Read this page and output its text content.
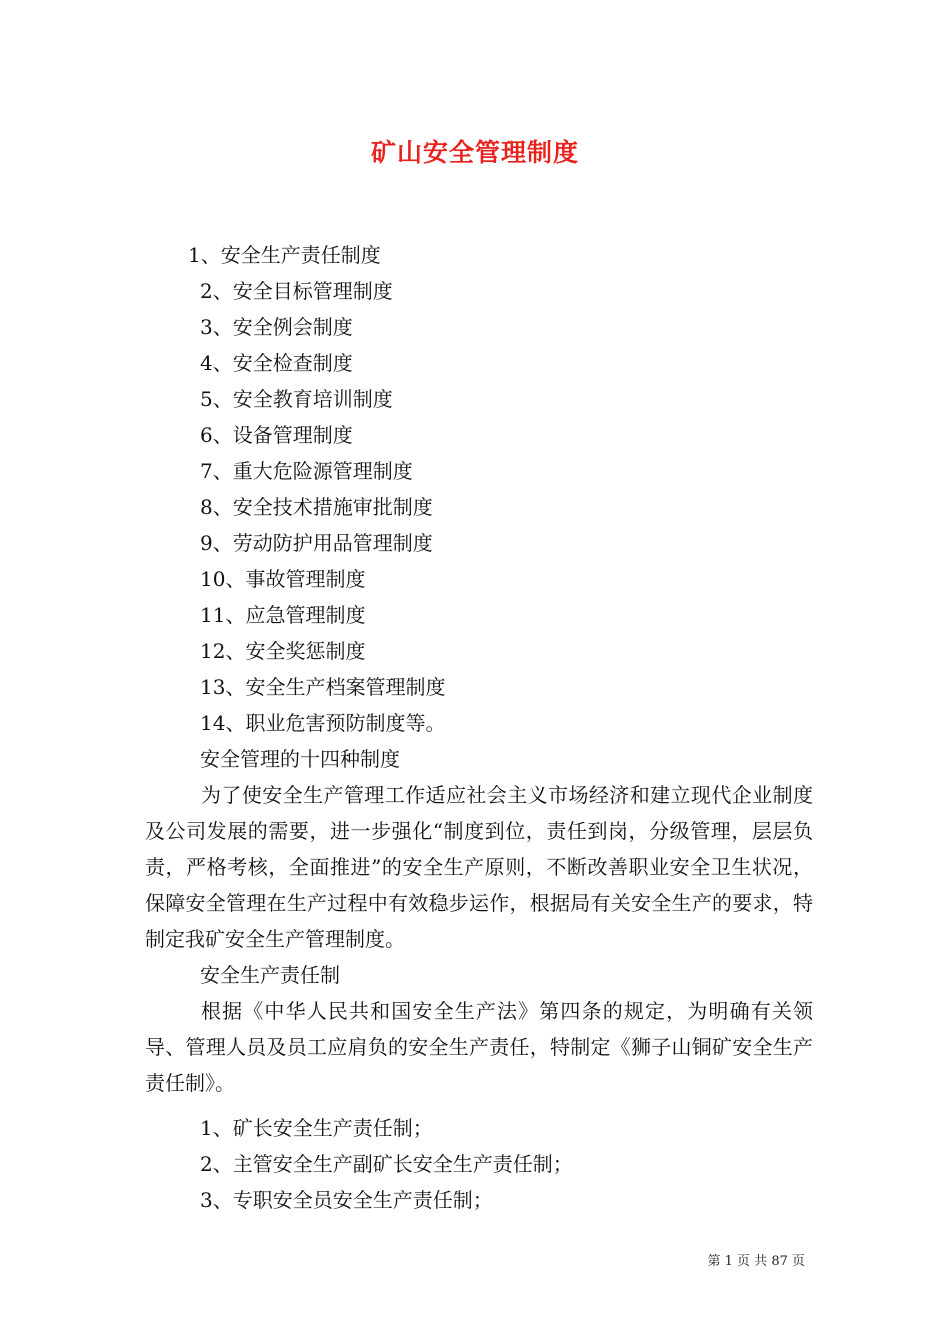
矿山安全管理制度
1、安全生产责任制度
2、安全目标管理制度
3、安全例会制度
4、安全检查制度
5、安全教育培训制度
6、设备管理制度
7、重大危险源管理制度
8、安全技术措施审批制度
9、劳动防护用品管理制度
10、事故管理制度
11、应急管理制度
12、安全奖惩制度
13、安全生产档案管理制度
14、职业危害预防制度等。

安全管理的十四种制度

为了使安全生产管理工作适应社会主义市场经济和建立现代企业制度及公司发展的需要，进一步强化“制度到位，责任到岗，分级管理，层层负责，严格考核，全面推进”的安全生产原则，不断改善职业安全卫生状况，保障安全管理在生产过程中有效稳步运作，根据局有关安全生产的要求，特制定我矿安全生产管理制度。

安全生产责任制

根据《中华人民共和国安全生产法》第四条的规定，为明确有关领导、管理人员及员工应肩负的安全生产责任，特制定《狮子山铜矿安全生产责任制》。

1、矿长安全生产责任制；

2、主管安全生产副矿长安全生产责任制；

3、专职安全员安全生产责任制；

第 1 页 共 87 页
